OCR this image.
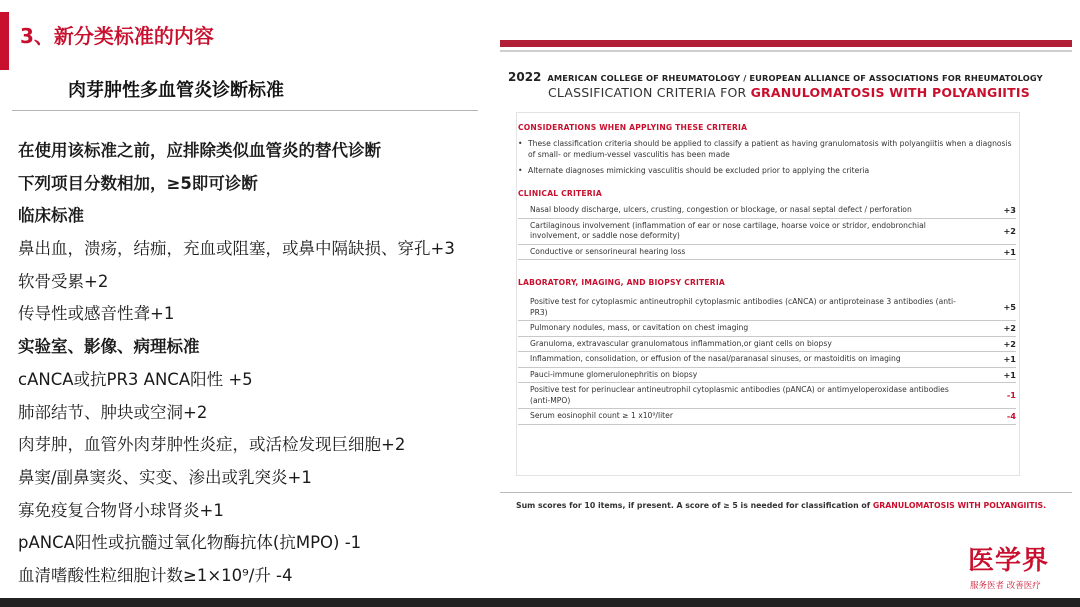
3、新分类标准的内容
肉芽肿性多血管炎诊断标准
在使用该标准之前，应排除类似血管炎的替代诊断
下列项目分数相加，≥5即可诊断
临床标准
鼻出血，溃疡，结痂，充血或阻塞，或鼻中隔缺损、穿孔+3
软骨受累+2
传导性或感音性聋+1
实验室、影像、病理标准
cANCA或抗PR3 ANCA阳性 +5
肺部结节、肿块或空洞+2
肉芽肿，血管外肉芽肿性炎症，或活检发现巨细胞+2
鼻窦/副鼻窦炎、实变、渗出或乳突炎+1
寡免疫复合物肾小球肾炎+1
pANCA阳性或抗髓过氧化物酶抗体(抗MPO) -1
血清嗜酸性粒细胞计数≥1×10⁹/升 -4
2022 AMERICAN COLLEGE OF RHEUMATOLOGY / EUROPEAN ALLIANCE OF ASSOCIATIONS FOR RHEUMATOLOGY
CLASSIFICATION CRITERIA FOR GRANULOMATOSIS WITH POLYANGIITIS
CONSIDERATIONS WHEN APPLYING THESE CRITERIA
• These classification criteria should be applied to classify a patient as having granulomatosis with polyangiitis when a diagnosis of small- or medium-vessel vasculitis has been made
• Alternate diagnoses mimicking vasculitis should be excluded prior to applying the criteria
CLINICAL CRITERIA
Nasal bloody discharge, ulcers, crusting, congestion or blockage, or nasal septal defect / perforation	+3
Cartilaginous involvement (inflammation of ear or nose cartilage, hoarse voice or stridor, endobronchial involvement, or saddle nose deformity)	+2
Conductive or sensorineural hearing loss	+1
LABORATORY, IMAGING, AND BIOPSY CRITERIA
Positive test for cytoplasmic antineutrophil cytoplasmic antibodies (cANCA) or antiproteinase 3 antibodies (anti-PR3)	+5
Pulmonary nodules, mass, or cavitation on chest imaging	+2
Granuloma, extravascular granulomatous inflammation,or giant cells on biopsy	+2
Inflammation, consolidation, or effusion of the nasal/paranasal sinuses, or mastoiditis on imaging	+1
Pauci-immune glomerulonephritis on biopsy	+1
Positive test for perinuclear antineutrophil cytoplasmic antibodies (pANCA) or antimyeloperoxidase antibodies (anti-MPO)	-1
Serum eosinophil count ≥ 1 x10⁹/liter	-4
Sum scores for 10 items, if present. A score of ≥ 5 is needed for classification of GRANULOMATOSIS WITH POLYANGIITIS.
医学界
服务医者 改善医疗
